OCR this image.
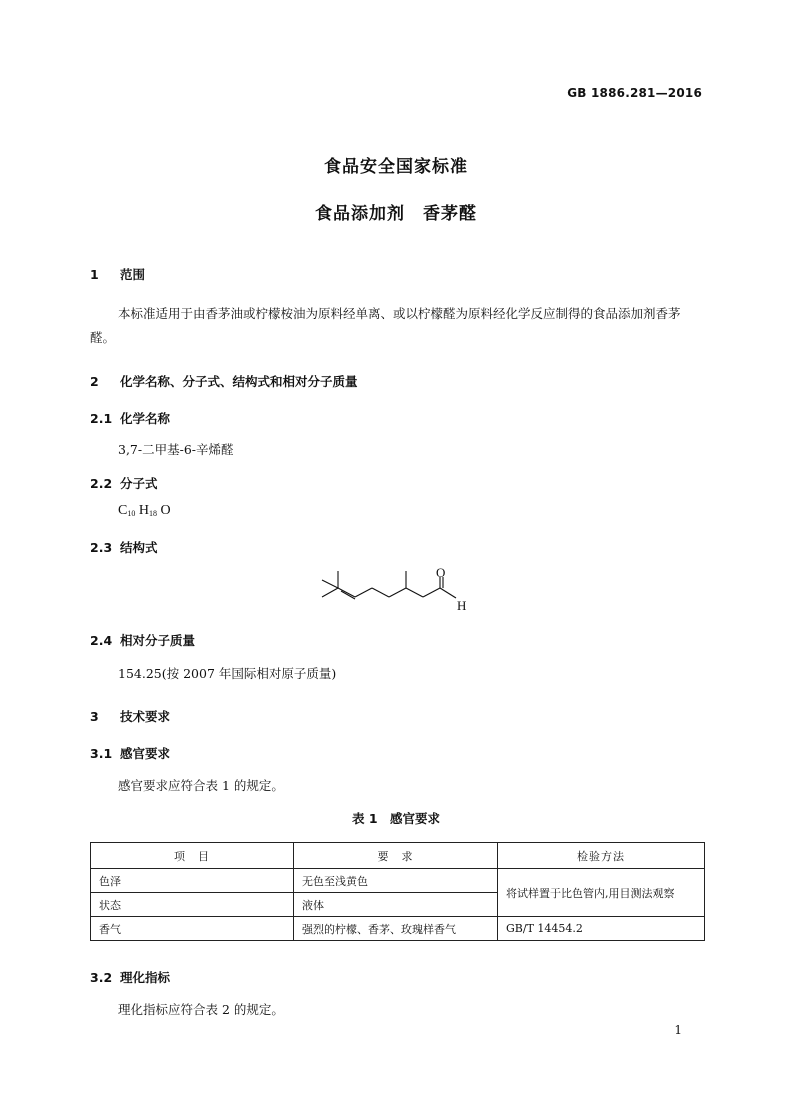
GB 1886.281—2016
食品安全国家标准
食品添加剂　香茅醛
1 范围
本标准适用于由香茅油或柠檬桉油为原料经单离、或以柠檬醛为原料经化学反应制得的食品添加剂香茅醛。
2 化学名称、分子式、结构式和相对分子质量
2.1 化学名称
3,7-二甲基-6-辛烯醛
2.2 分子式
$C_{10}$ $H_{18}$ O
2.3 结构式
O
H
2.4 相对分子质量
154.25(按 2007 年国际相对原子质量)
3 技术要求
3.1 感官要求
感官要求应符合表 1 的规定。
表 1　感官要求
项　目	要　求	检验方法
色泽	无色至浅黄色	将试样置于比色管内,用目测法观察
状态	液体	
香气	强烈的柠檬、香茅、玫瑰样香气	GB/T 14454.2
3.2 理化指标
理化指标应符合表 2 的规定。
1
